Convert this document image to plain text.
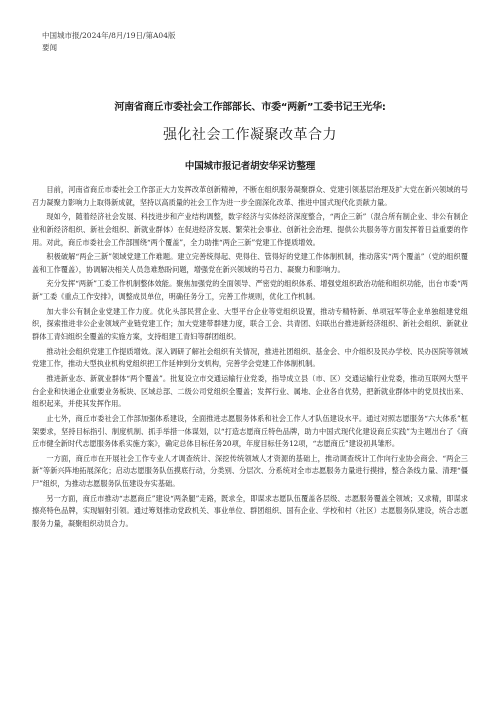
中国城市报/2024年/8月/19日/第A04版
要闻
河南省商丘市委社会工作部部长、市委“两新”工委书记王光华:
强化社会工作凝聚改革合力
中国城市报记者胡安华采访整理

目前，河南省商丘市委社会工作部正大力发挥改革创新精神，不断在组织服务凝聚群众、党建引领基层治理及扩大党在新兴领域的号召力凝聚力影响力上取得新成就，坚持以高质量的社会工作为进一步全面深化改革、推进中国式现代化贡献力量。

现如今，随着经济社会发展、科技进步和产业结构调整，数字经济与实体经济深度整合，“两企三新”（混合所有制企业、非公有制企业和新经济组织、新社会组织、新就业群体）在促进经济发展、繁荣社会事业、创新社会治理、提供公共服务等方面发挥着日益重要的作用。对此，商丘市委社会工作部围绕“两个覆盖”，全力助推“两企三新”党建工作提质增效。

积极破解“两企三新”领域党建工作难题。建立完善统得起、兜得住、管得好的党建工作体制机制，推动落实“两个覆盖”（党的组织覆盖和工作覆盖），协调解决相关人员急难愁盼问题，增强党在新兴领域的号召力、凝聚力和影响力。

充分发挥“两新”工委工作机制整体效能。聚焦加强党的全面领导、严密党的组织体系、增强党组织政治功能和组织功能，出台市委“两新”工委《重点工作安排》，调整成员单位，明确任务分工，完善工作规则，优化工作机制。

加大非公有制企业党建工作力度。优化头部民营企业、大型平台企业等党组织设置，推动专精特新、单项冠军等企业单独组建党组织，探索推进非公企业领域产业链党建工作；加大党建带群建力度，联合工会、共青团、妇联出台推进新经济组织、新社会组织、新就业群体工青妇组织全覆盖的实施方案，支持组建工青妇等群团组织。

推动社会组织党建工作提质增效。深入调研了解社会组织有关情况，推进社团组织、基金会、中介组织及民办学校、民办医院等领域党建工作，推动大型执业机构党组织把工作延伸到分支机构，完善学会党建工作体制机制。

推进新业态、新就业群体“两个覆盖”。批复设立市交通运输行业党委，指导成立县（市、区）交通运输行业党委，推动互联网大型平台企业和快递企业重要业务板块、区域总部、二级公司党组织全覆盖；发挥行业、属地、企业各自优势，把新就业群体中的党员找出来、组织起来，并使其发挥作用。

止七外，商丘市委社会工作部加强体系建设，全面推进志愿服务体系和社会工作人才队伍建设水平。通过对照志愿服务“六大体系”框架要求，坚持目标指引、制度机制、抓手举措一体谋划，以“打造志愿商丘特色品牌，助力中国式现代化建设商丘实践”为主题出台了《商丘市健全新时代志愿服务体系实施方案》，确定总体目标任务20项，年度目标任务12项，“志愿商丘”建设初具雏形。

一方面，商丘市在开展社会工作专业人才调查统计、深挖传统领域人才资源的基础上，推动调查统计工作向行业协会商会、“两企三新”等新兴阵地拓展深化；启动志愿服务队伍摸底行动，分类别、分层次、分系统对全市志愿服务力量进行摸排，整合条线力量、清理“僵尸”组织，为推动志愿服务队伍建设夯实基础。

另一方面，商丘市推动“志愿商丘”建设“两条腿”走路，既求全，即谋求志愿队伍覆盖各层级、志愿服务覆盖全领域；又求精，即谋求擦亮特色品牌，实现辐射引领。通过筹划推动党政机关、事业单位、群团组织、国有企业、学校和村（社区）志愿服务队建设，统合志愿服务力量，凝聚组织动员合力。
